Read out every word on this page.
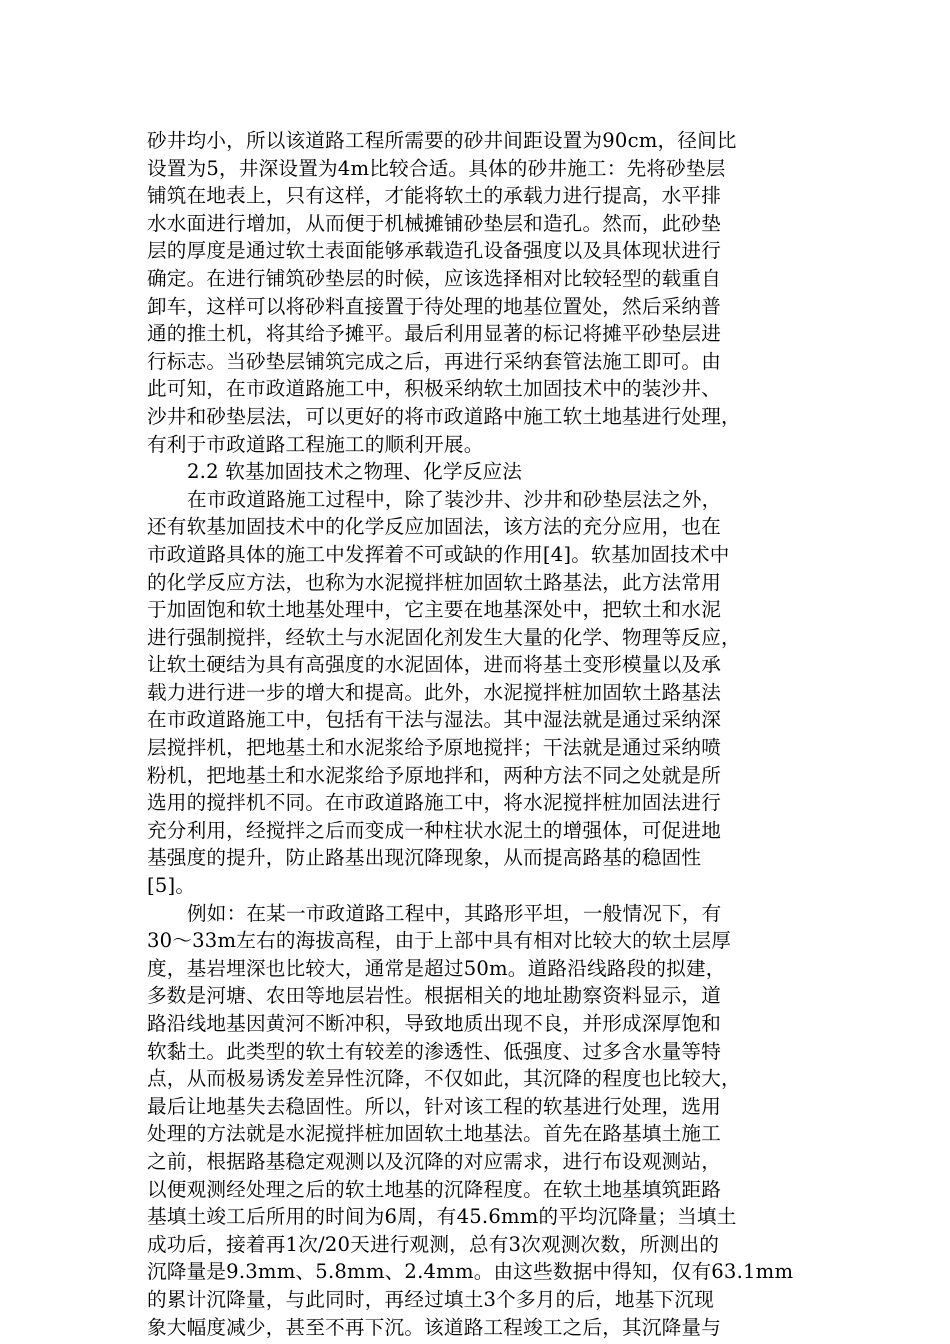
砂井均小，所以该道路工程所需要的砂井间距设置为90cm，径间比
设置为5，井深设置为4m比较合适。具体的砂井施工：先将砂垫层
铺筑在地表上，只有这样，才能将软土的承载力进行提高，水平排
水水面进行增加，从而便于机械摊铺砂垫层和造孔。然而，此砂垫
层的厚度是通过软土表面能够承载造孔设备强度以及具体现状进行
确定。在进行铺筑砂垫层的时候，应该选择相对比较轻型的载重自
卸车，这样可以将砂料直接置于待处理的地基位置处，然后采纳普
通的推土机，将其给予摊平。最后利用显著的标记将摊平砂垫层进
行标志。当砂垫层铺筑完成之后，再进行采纳套管法施工即可。由
此可知，在市政道路施工中，积极采纳软土加固技术中的装沙井、
沙井和砂垫层法，可以更好的将市政道路中施工软土地基进行处理，
有利于市政道路工程施工的顺利开展。
2.2 软基加固技术之物理、化学反应法
在市政道路施工过程中，除了装沙井、沙井和砂垫层法之外，
还有软基加固技术中的化学反应加固法，该方法的充分应用，也在
市政道路具体的施工中发挥着不可或缺的作用[4]。软基加固技术中
的化学反应方法，也称为水泥搅拌桩加固软土路基法，此方法常用
于加固饱和软土地基处理中，它主要在地基深处中，把软土和水泥
进行强制搅拌，经软土与水泥固化剂发生大量的化学、物理等反应，
让软土硬结为具有高强度的水泥固体，进而将基土变形模量以及承
载力进行进一步的增大和提高。此外，水泥搅拌桩加固软土路基法
在市政道路施工中，包括有干法与湿法。其中湿法就是通过采纳深
层搅拌机，把地基土和水泥浆给予原地搅拌；干法就是通过采纳喷
粉机，把地基土和水泥浆给予原地拌和，两种方法不同之处就是所
选用的搅拌机不同。在市政道路施工中，将水泥搅拌桩加固法进行
充分利用，经搅拌之后而变成一种柱状水泥土的增强体，可促进地
基强度的提升，防止路基出现沉降现象，从而提高路基的稳固性
[5]。
例如：在某一市政道路工程中，其路形平坦，一般情况下，有
30～33m左右的海拔高程，由于上部中具有相对比较大的软土层厚
度，基岩埋深也比较大，通常是超过50m。道路沿线路段的拟建，
多数是河塘、农田等地层岩性。根据相关的地址勘察资料显示，道
路沿线地基因黄河不断冲积，导致地质出现不良，并形成深厚饱和
软黏土。此类型的软土有较差的渗透性、低强度、过多含水量等特
点，从而极易诱发差异性沉降，不仅如此，其沉降的程度也比较大，
最后让地基失去稳固性。所以，针对该工程的软基进行处理，选用
处理的方法就是水泥搅拌桩加固软土地基法。首先在路基填土施工
之前，根据路基稳定观测以及沉降的对应需求，进行布设观测站，
以便观测经处理之后的软土地基的沉降程度。在软土地基填筑距路
基填土竣工后所用的时间为6周，有45.6mm的平均沉降量；当填土
成功后，接着再1次/20天进行观测，总有3次观测次数，所测出的
沉降量是9.3mm、5.8mm、2.4mm。由这些数据中得知，仅有63.1mm
的累计沉降量，与此同时，再经过填土3个多月的后，地基下沉现
象大幅度减少，甚至不再下沉。该道路工程竣工之后，其沉降量与
